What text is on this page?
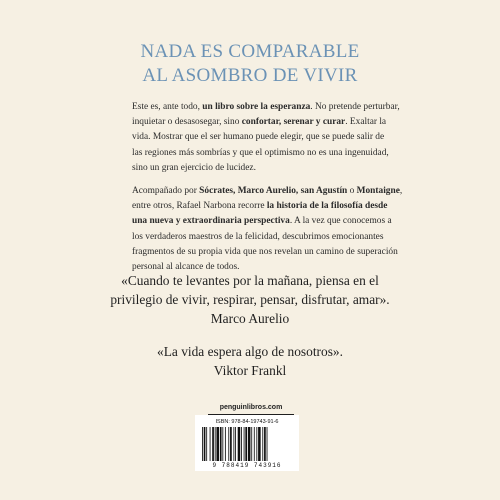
NADA ES COMPARABLE
AL ASOMBRO DE VIVIR
Este es, ante todo, un libro sobre la esperanza. No pretende perturbar,
inquietar o desasosegar, sino confortar, serenar y curar. Exaltar la
vida. Mostrar que el ser humano puede elegir, que se puede salir de
las regiones más sombrías y que el optimismo no es una ingenuidad,
sino un gran ejercicio de lucidez.
Acompañado por Sócrates, Marco Aurelio, san Agustín o Montaigne,
entre otros, Rafael Narbona recorre la historia de la filosofía desde
una nueva y extraordinaria perspectiva. A la vez que conocemos a
los verdaderos maestros de la felicidad, descubrimos emocionantes
fragmentos de su propia vida que nos revelan un camino de superación
personal al alcance de todos.
«Cuando te levantes por la mañana, piensa en el
privilegio de vivir, respirar, pensar, disfrutar, amar».
Marco Aurelio
«La vida espera algo de nosotros».
Viktor Frankl
penguinlibros.com
ISBN: 978-84-19743-91-6
9 788419 743916
